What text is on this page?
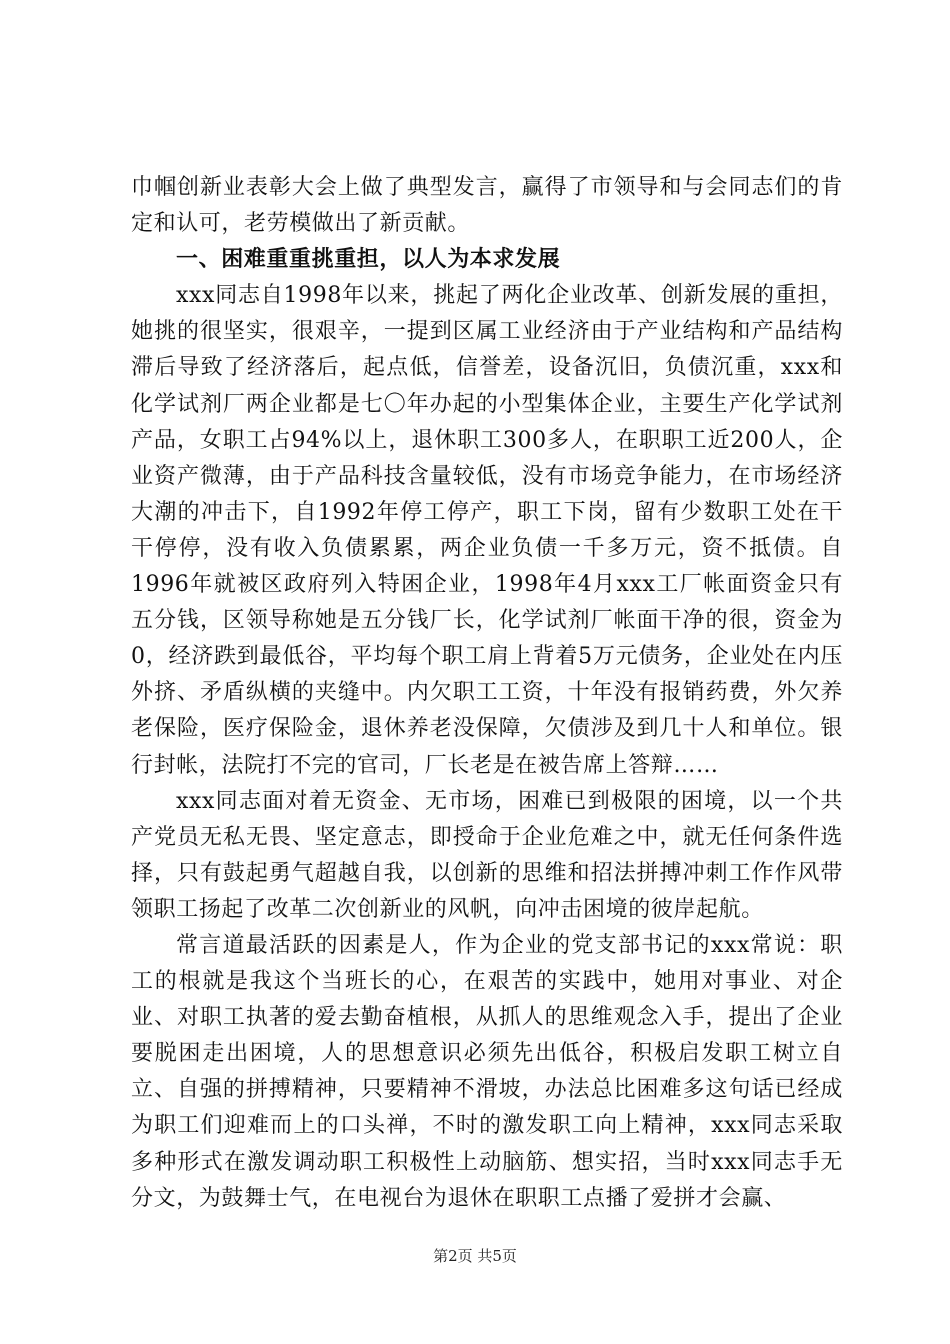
巾帼创新业表彰大会上做了典型发言，赢得了市领导和与会同志们的肯定和认可，老劳模做出了新贡献。

一、困难重重挑重担，以人为本求发展

xxx同志自1998年以来，挑起了两化企业改革、创新发展的重担，她挑的很坚实，很艰辛，一提到区属工业经济由于产业结构和产品结构滞后导致了经济落后，起点低，信誉差，设备沉旧，负债沉重，xxx和化学试剂厂两企业都是七〇年办起的小型集体企业，主要生产化学试剂产品，女职工占94%以上，退休职工300多人，在职职工近200人，企业资产微薄，由于产品科技含量较低，没有市场竞争能力，在市场经济大潮的冲击下，自1992年停工停产，职工下岗，留有少数职工处在干干停停，没有收入负债累累，两企业负债一千多万元，资不抵债。自1996年就被区政府列入特困企业，1998年4月xxx工厂帐面资金只有五分钱，区领导称她是五分钱厂长，化学试剂厂帐面干净的很，资金为0，经济跌到最低谷，平均每个职工肩上背着5万元债务，企业处在内压外挤、矛盾纵横的夹缝中。内欠职工工资，十年没有报销药费，外欠养老保险，医疗保险金，退休养老没保障，欠债涉及到几十人和单位。银行封帐，法院打不完的官司，厂长老是在被告席上答辩……

xxx同志面对着无资金、无市场，困难已到极限的困境，以一个共产党员无私无畏、坚定意志，即授命于企业危难之中，就无任何条件选择，只有鼓起勇气超越自我，以创新的思维和招法拼搏冲刺工作作风带领职工扬起了改革二次创新业的风帆，向冲击困境的彼岸起航。

常言道最活跃的因素是人，作为企业的党支部书记的xxx常说：职工的根就是我这个当班长的心，在艰苦的实践中，她用对事业、对企业、对职工执著的爱去勤奋植根，从抓人的思维观念入手，提出了企业要脱困走出困境，人的思想意识必须先出低谷，积极启发职工树立自立、自强的拼搏精神，只要精神不滑坡，办法总比困难多这句话已经成为职工们迎难而上的口头禅，不时的激发职工向上精神，xxx同志采取多种形式在激发调动职工积极性上动脑筋、想实招，当时xxx同志手无分文，为鼓舞士气，在电视台为退休在职职工点播了爱拼才会赢、

第2页 共5页
